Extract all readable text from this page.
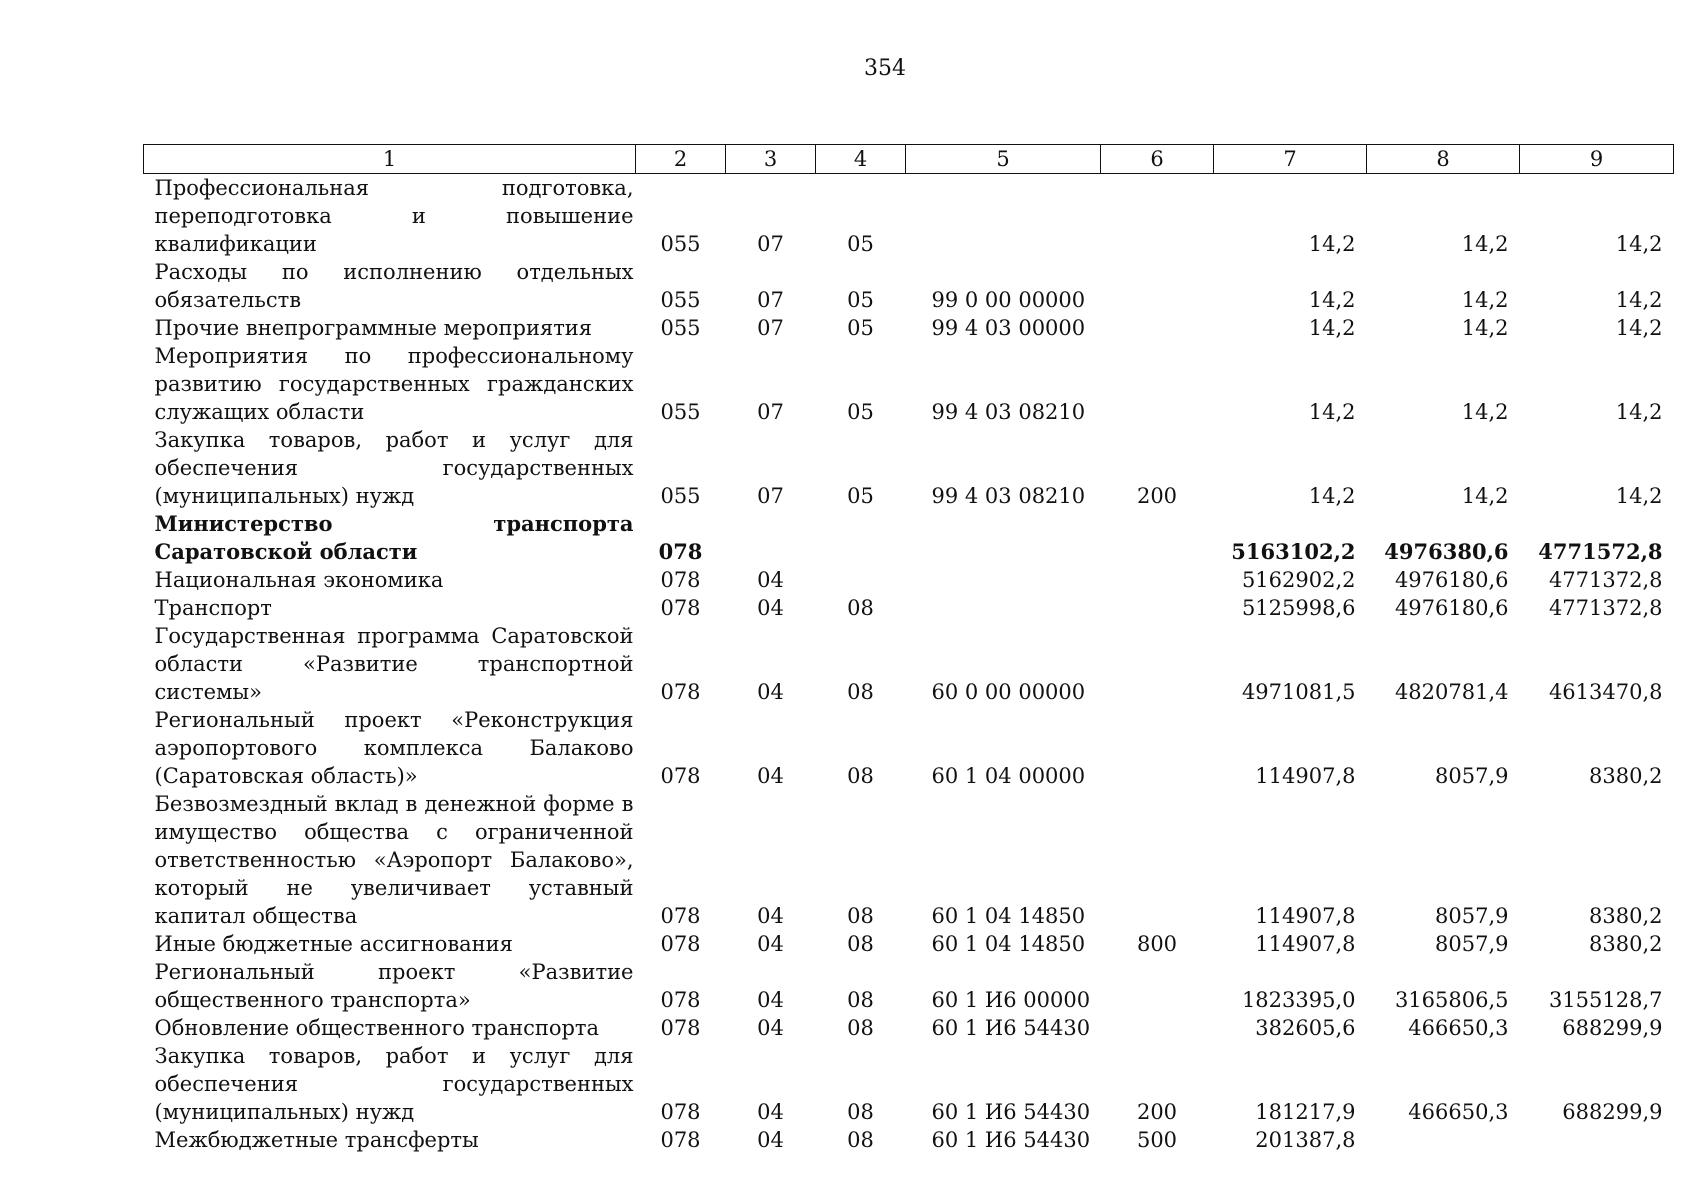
354
1	2	3	4	5	6	7	8	9
Профессиональная подготовка, переподготовка и повышение квалификации	055	07	05			14,2	14,2	14,2
Расходы по исполнению отдельных обязательств	055	07	05	99 0 00 00000		14,2	14,2	14,2
Прочие внепрограммные мероприятия	055	07	05	99 4 03 00000		14,2	14,2	14,2
Мероприятия по профессиональному развитию государственных гражданских служащих области	055	07	05	99 4 03 08210		14,2	14,2	14,2
Закупка товаров, работ и услуг для обеспечения государственных (муниципальных) нужд	055	07	05	99 4 03 08210	200	14,2	14,2	14,2
Министерство транспорта Саратовской области	078					5163102,2	4976380,6	4771572,8
Национальная экономика	078	04				5162902,2	4976180,6	4771372,8
Транспорт	078	04	08			5125998,6	4976180,6	4771372,8
Государственная программа Саратовской области «Развитие транспортной системы»	078	04	08	60 0 00 00000		4971081,5	4820781,4	4613470,8
Региональный проект «Реконструкция аэропортового комплекса Балаково (Саратовская область)»	078	04	08	60 1 04 00000		114907,8	8057,9	8380,2
Безвозмездный вклад в денежной форме в имущество общества с ограниченной ответственностью «Аэропорт Балаково», который не увеличивает уставный капитал общества	078	04	08	60 1 04 14850		114907,8	8057,9	8380,2
Иные бюджетные ассигнования	078	04	08	60 1 04 14850	800	114907,8	8057,9	8380,2
Региональный проект «Развитие общественного транспорта»	078	04	08	60 1 И6 00000		1823395,0	3165806,5	3155128,7
Обновление общественного транспорта	078	04	08	60 1 И6 54430		382605,6	466650,3	688299,9
Закупка товаров, работ и услуг для обеспечения государственных (муниципальных) нужд	078	04	08	60 1 И6 54430	200	181217,9	466650,3	688299,9
Межбюджетные трансферты	078	04	08	60 1 И6 54430	500	201387,8		
